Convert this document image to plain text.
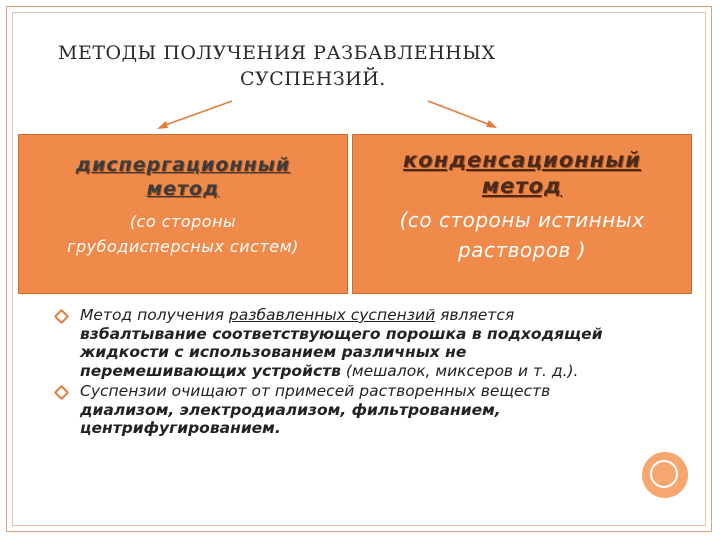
МЕТОДЫ ПОЛУЧЕНИЯ РАЗБАВЛЕННЫХ
СУСПЕНЗИЙ.
диспергационный
метод
(со стороны
грубодисперсных систем)
конденсационный
метод
(со стороны истинных
растворов )
Метод получения разбавленных суспензий является взбалтывание соответствующего порошка в подходящей жидкости с использованием различных не перемешивающих устройств (мешалок, миксеров и т. д.).
Суспензии очищают от примесей растворенных веществ диализом, электродиализом, фильтрованием, центрифугированием.
